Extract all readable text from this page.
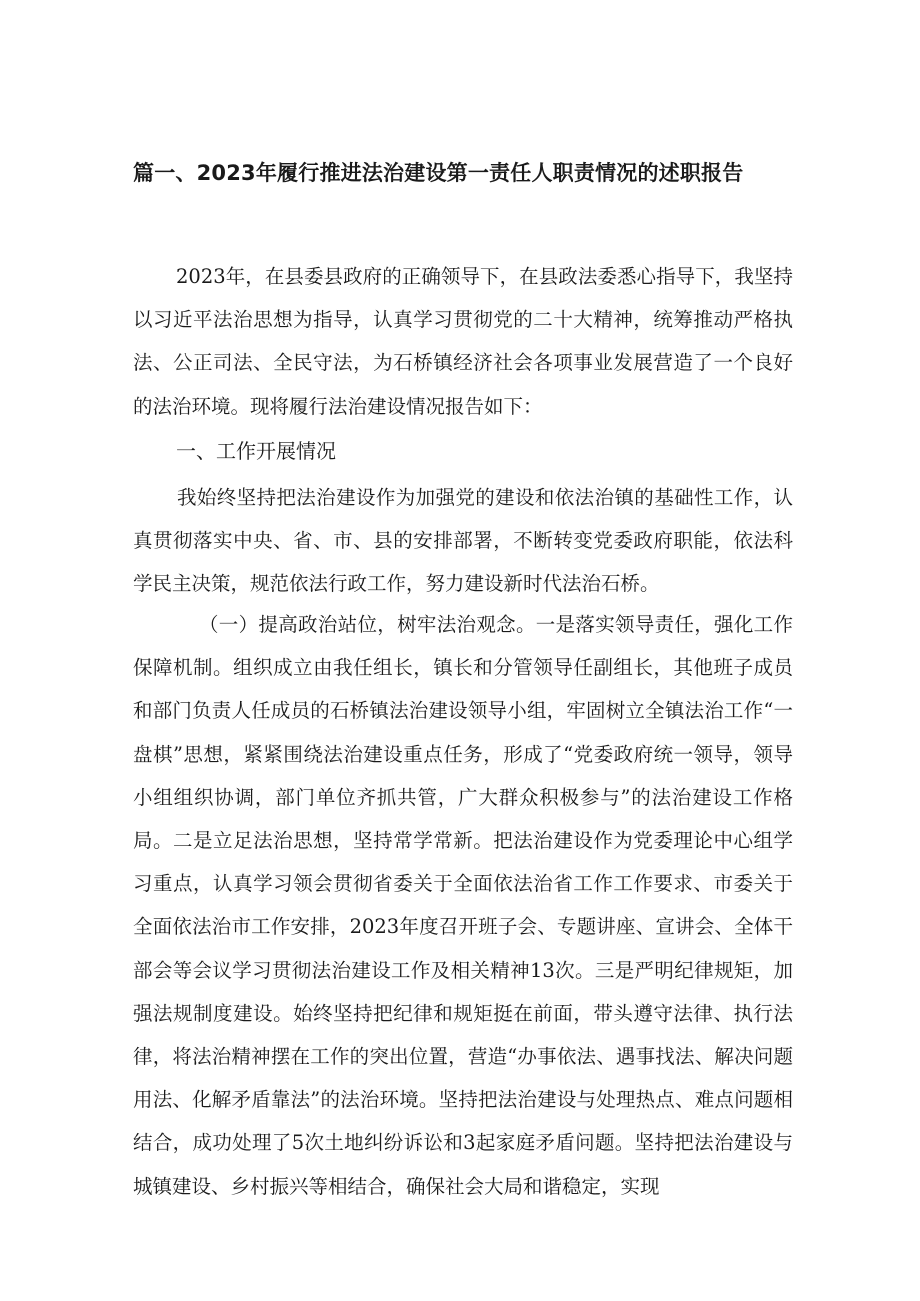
篇一、2023年履行推进法治建设第一责任人职责情况的述职报告

2023年，在县委县政府的正确领导下，在县政法委悉心指导下，我坚持以习近平法治思想为指导，认真学习贯彻党的二十大精神，统筹推动严格执法、公正司法、全民守法，为石桥镇经济社会各项事业发展营造了一个良好的法治环境。现将履行法治建设情况报告如下：

一、工作开展情况

我始终坚持把法治建设作为加强党的建设和依法治镇的基础性工作，认真贯彻落实中央、省、市、县的安排部署，不断转变党委政府职能，依法科学民主决策，规范依法行政工作，努力建设新时代法治石桥。

（一）提高政治站位，树牢法治观念。一是落实领导责任，强化工作保障机制。组织成立由我任组长，镇长和分管领导任副组长，其他班子成员和部门负责人任成员的石桥镇法治建设领导小组，牢固树立全镇法治工作“一盘棋”思想，紧紧围绕法治建设重点任务，形成了“党委政府统一领导，领导小组组织协调，部门单位齐抓共管，广大群众积极参与”的法治建设工作格局。二是立足法治思想，坚持常学常新。把法治建设作为党委理论中心组学习重点，认真学习领会贯彻省委关于全面依法治省工作工作要求、市委关于全面依法治市工作安排，2023年度召开班子会、专题讲座、宣讲会、全体干部会等会议学习贯彻法治建设工作及相关精神13次。三是严明纪律规矩，加强法规制度建设。始终坚持把纪律和规矩挺在前面，带头遵守法律、执行法律，将法治精神摆在工作的突出位置，营造“办事依法、遇事找法、解决问题用法、化解矛盾靠法”的法治环境。坚持把法治建设与处理热点、难点问题相结合，成功处理了5次土地纠纷诉讼和3起家庭矛盾问题。坚持把法治建设与城镇建设、乡村振兴等相结合，确保社会大局和谐稳定，实现
